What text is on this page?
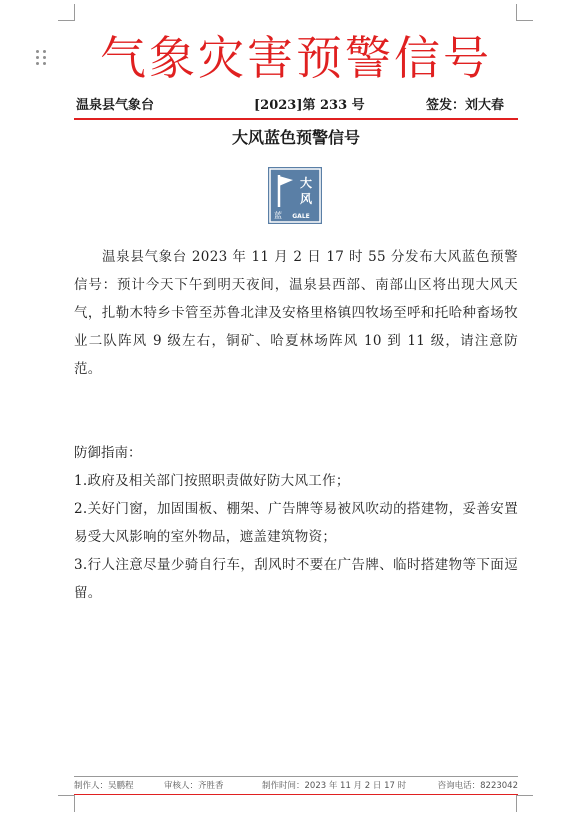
气象灾害预警信号
温泉县气象台	[2023]第 233 号	签发：刘大春
大风蓝色预警信号
大
风
蓝 GALE

温泉县气象台 2023 年 11 月 2 日 17 时 55 分发布大风蓝色预警信号：预计今天下午到明天夜间，温泉县西部、南部山区将出现大风天气，扎勒木特乡卡管至苏鲁北津及安格里格镇四牧场至呼和托哈种畜场牧业二队阵风 9 级左右，铜矿、哈夏林场阵风 10 到 11 级，请注意防范。

防御指南：

1.政府及相关部门按照职责做好防大风工作；
2.关好门窗，加固围板、棚架、广告牌等易被风吹动的搭建物，妥善安置易受大风影响的室外物品，遮盖建筑物资；
3.行人注意尽量少骑自行车，刮风时不要在广告牌、临时搭建物等下面逗留。
制作人：吴鹏程	审核人：齐胜香	制作时间：2023 年 11 月 2 日 17 时	咨询电话：8223042
